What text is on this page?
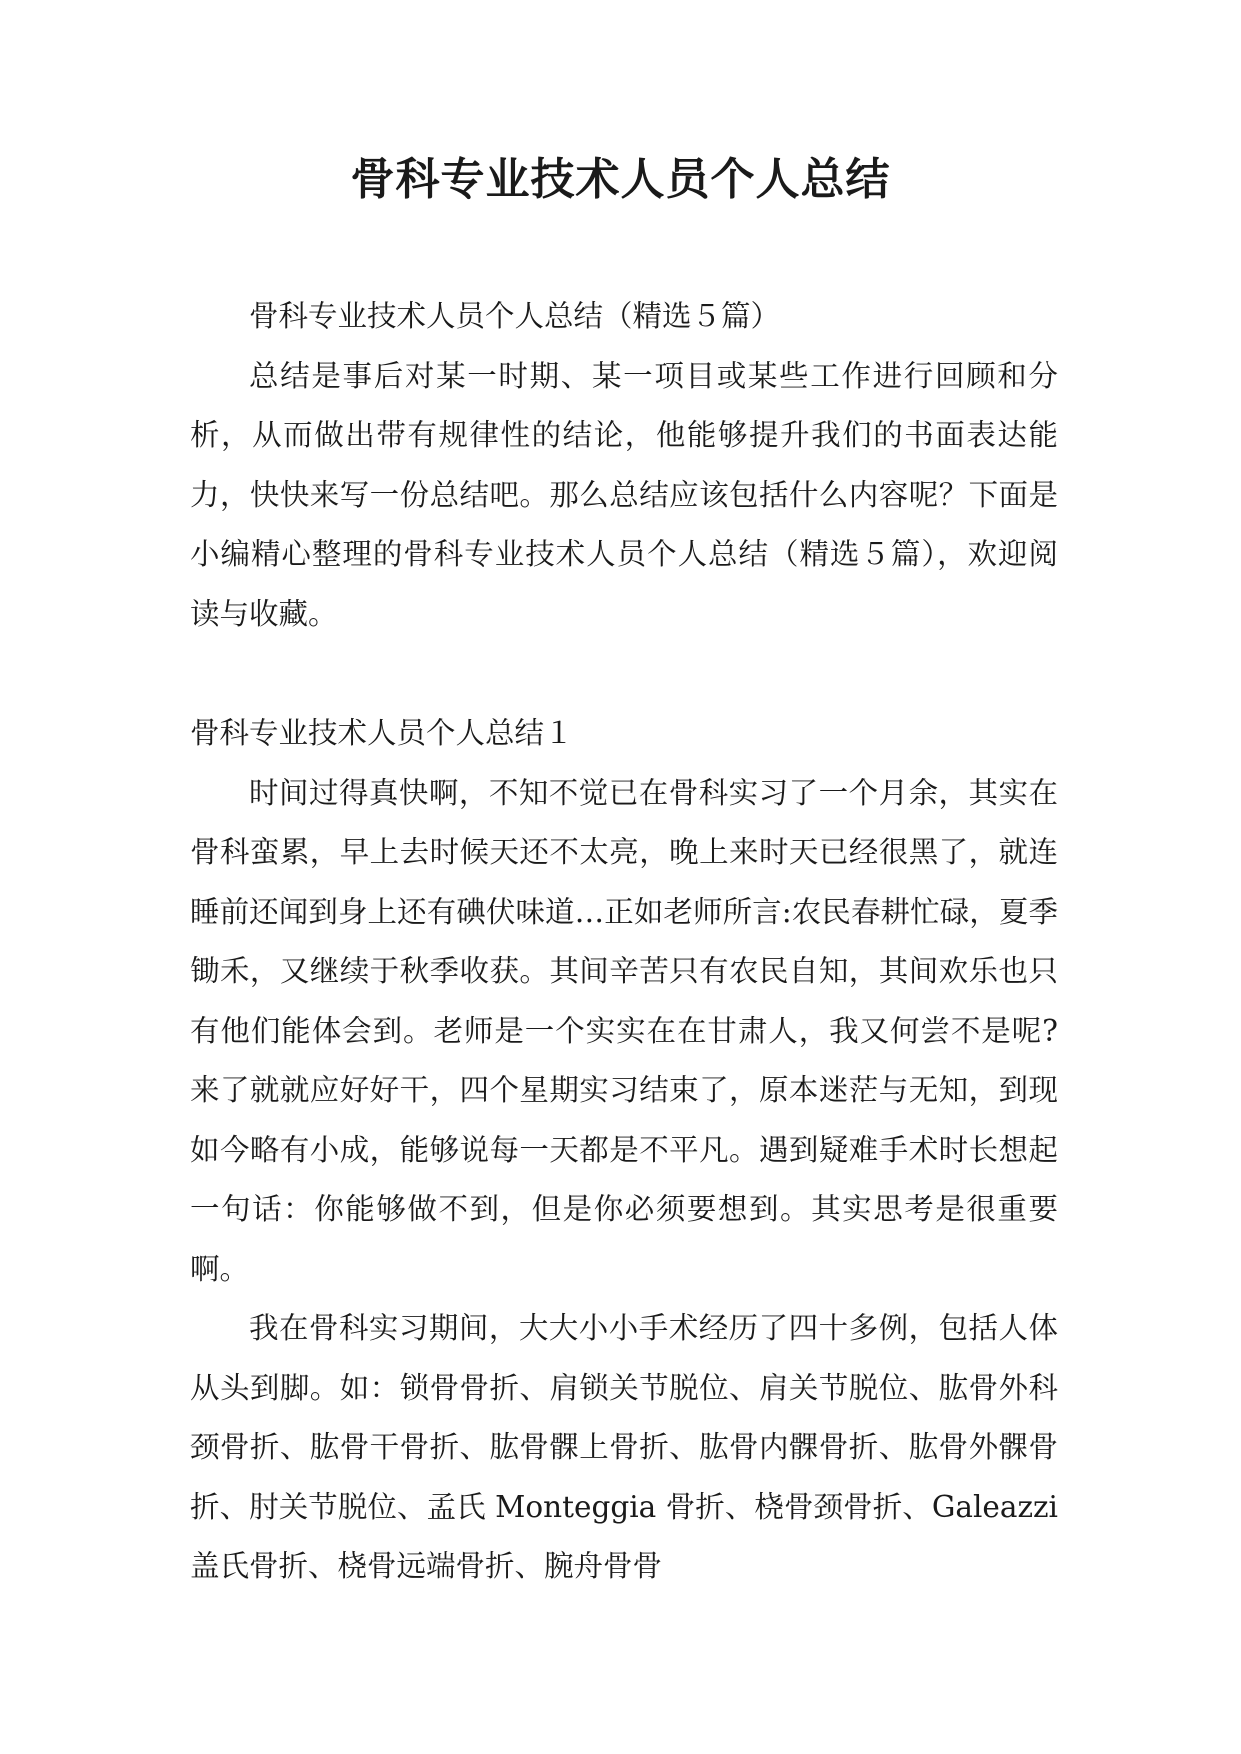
骨科专业技术人员个人总结

骨科专业技术人员个人总结（精选５篇）

总结是事后对某一时期、某一项目或某些工作进行回顾和分析，从而做出带有规律性的结论，他能够提升我们的书面表达能力，快快来写一份总结吧。那么总结应该包括什么内容呢？下面是小编精心整理的骨科专业技术人员个人总结（精选５篇），欢迎阅读与收藏。

骨科专业技术人员个人总结１

时间过得真快啊，不知不觉已在骨科实习了一个月余，其实在骨科蛮累，早上去时候天还不太亮，晚上来时天已经很黑了，就连睡前还闻到身上还有碘伏味道…正如老师所言:农民春耕忙碌，夏季锄禾，又继续于秋季收获。其间辛苦只有农民自知，其间欢乐也只有他们能体会到。老师是一个实实在在甘肃人，我又何尝不是呢?来了就就应好好干，四个星期实习结束了，原本迷茫与无知，到现如今略有小成，能够说每一天都是不平凡。遇到疑难手术时长想起一句话：你能够做不到，但是你必须要想到。其实思考是很重要啊。

我在骨科实习期间，大大小小手术经历了四十多例，包括人体从头到脚。如：锁骨骨折、肩锁关节脱位、肩关节脱位、肱骨外科颈骨折、肱骨干骨折、肱骨髁上骨折、肱骨内髁骨折、肱骨外髁骨折、肘关节脱位、孟氏 Monteggia 骨折、桡骨颈骨折、Galeazzi 盖氏骨折、桡骨远端骨折、腕舟骨骨
